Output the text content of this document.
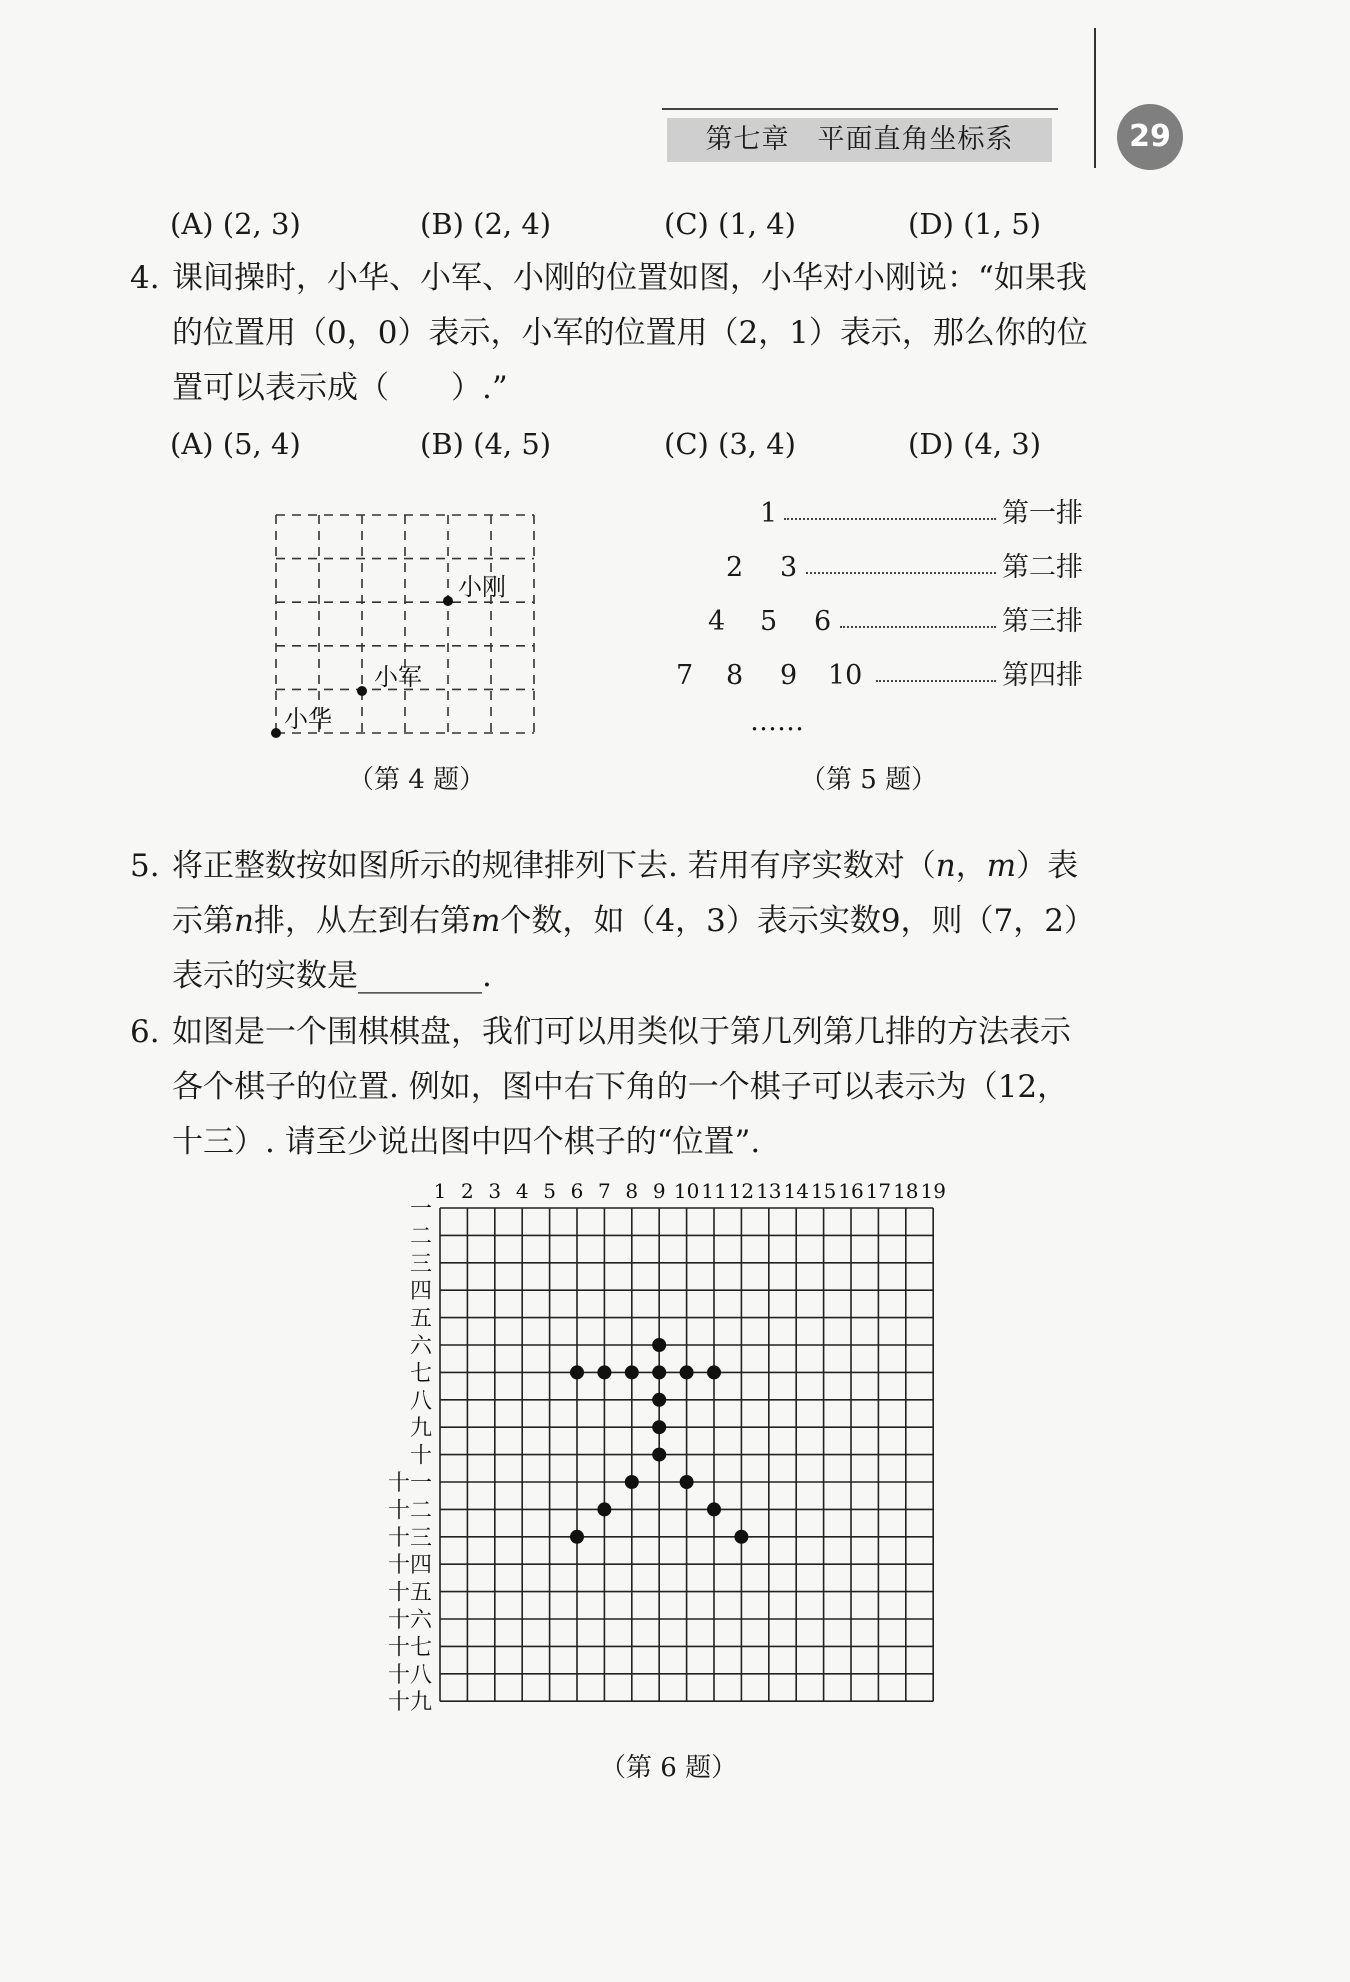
第七章　平面直角坐标系	29
(A) (2, 3)	(B) (2, 4)	(C) (1, 4)	(D) (1, 5)
4. 课间操时，小华、小军、小刚的位置如图，小华对小刚说：“如果我
的位置用（0，0）表示，小军的位置用（2，1）表示，那么你的位
置可以表示成（　　）.”
(A) (5, 4)	(B) (4, 5)	(C) (3, 4)	(D) (4, 3)
小华
小军
小刚
（第 4 题）
1	第一排
2 3	第二排
4 5 6	第三排
7 8 9 10	第四排
……
（第 5 题）
5. 将正整数按如图所示的规律排列下去. 若用有序实数对（n，m）表
示第n排，从左到右第m个数，如（4，3）表示实数9，则（7，2）
表示的实数是________.
6. 如图是一个围棋棋盘，我们可以用类似于第几列第几排的方法表示
各个棋子的位置. 例如，图中右下角的一个棋子可以表示为（12，
十三）. 请至少说出图中四个棋子的“位置”.
1 2 3 4 5 6 7 8 9 10 11 12 13 14 15 16 17 18 19
一
二
三
四
五
六
七
八
九
十
十一
十二
十三
十四
十五
十六
十七
十八
十九
（第 6 题）
